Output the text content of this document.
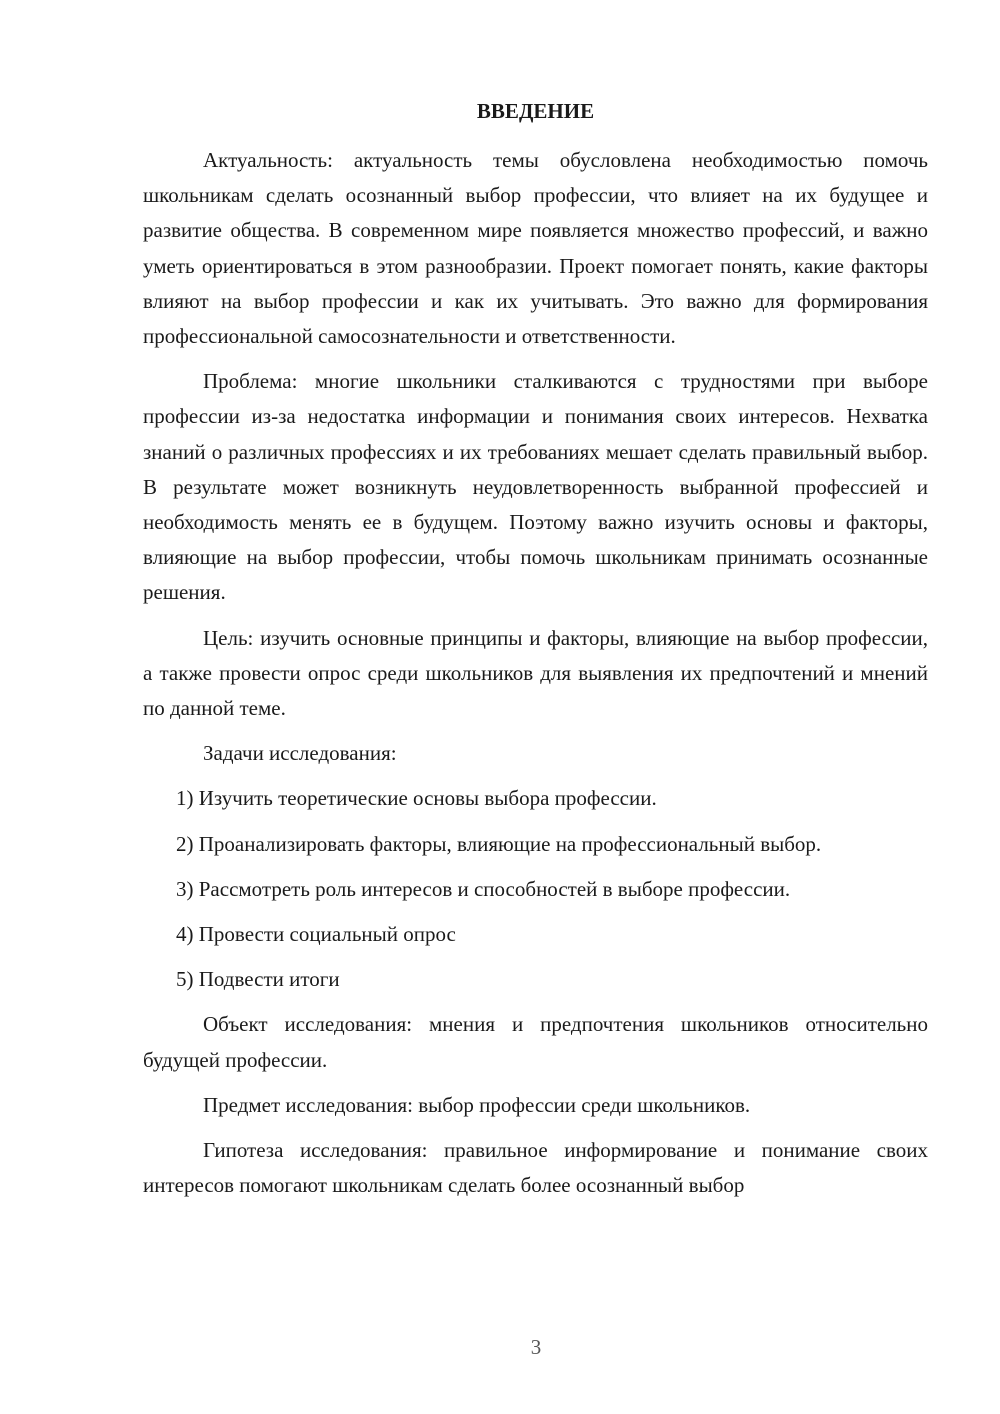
ВВЕДЕНИЕ

Актуальность: актуальность темы обусловлена необходимостью помочь школьникам сделать осознанный выбор профессии, что влияет на их будущее и развитие общества. В современном мире появляется множество профессий, и важно уметь ориентироваться в этом разнообразии. Проект помогает понять, какие факторы влияют на выбор профессии и как их учитывать. Это важно для формирования профессиональной самосознательности и ответственности.

Проблема: многие школьники сталкиваются с трудностями при выборе профессии из-за недостатка информации и понимания своих интересов. Нехватка знаний о различных профессиях и их требованиях мешает сделать правильный выбор. В результате может возникнуть неудовлетворенность выбранной профессией и необходимость менять ее в будущем. Поэтому важно изучить основы и факторы, влияющие на выбор профессии, чтобы помочь школьникам принимать осознанные решения.

Цель: изучить основные принципы и факторы, влияющие на выбор профессии, а также провести опрос среди школьников для выявления их предпочтений и мнений по данной теме.

Задачи исследования:

1) Изучить теоретические основы выбора профессии.

2) Проанализировать факторы, влияющие на профессиональный выбор.

3) Рассмотреть роль интересов и способностей в выборе профессии.

4) Провести социальный опрос

5) Подвести итоги

Объект исследования: мнения и предпочтения школьников относительно будущей профессии.

Предмет исследования: выбор профессии среди школьников.

Гипотеза исследования: правильное информирование и понимание своих интересов помогают школьникам сделать более осознанный выбор

3
